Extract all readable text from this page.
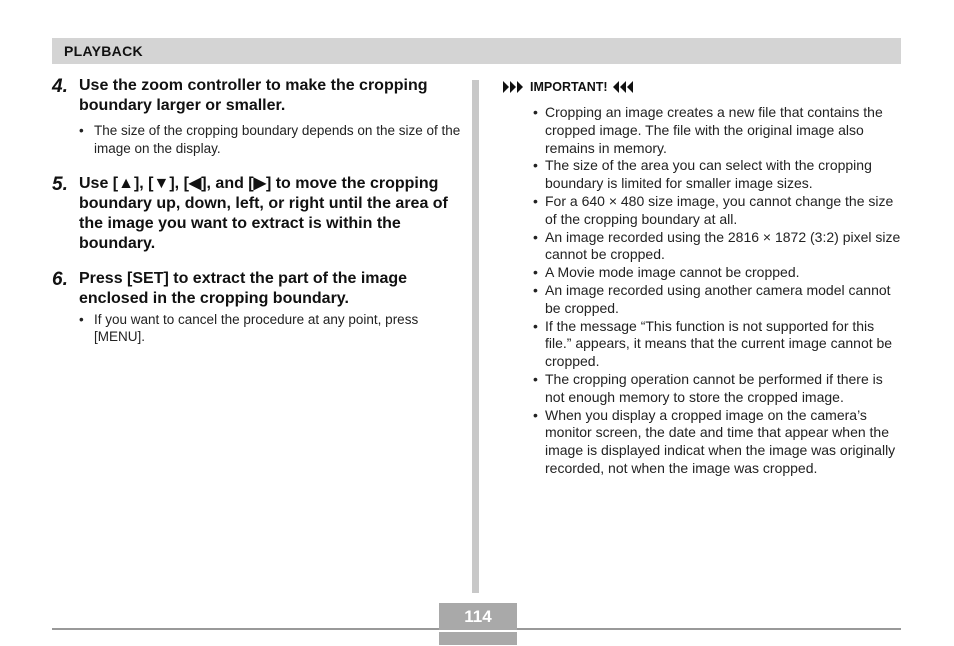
PLAYBACK
4. Use the zoom controller to make the cropping boundary larger or smaller.
• The size of the cropping boundary depends on the size of the image on the display.
5. Use [▲], [▼], [◀], and [▶] to move the cropping boundary up, down, left, or right until the area of the image you want to extract is within the boundary.
6. Press [SET] to extract the part of the image enclosed in the cropping boundary.
• If you want to cancel the procedure at any point, press [MENU].
IMPORTANT!
• Cropping an image creates a new file that contains the cropped image. The file with the original image also remains in memory.
• The size of the area you can select with the cropping boundary is limited for smaller image sizes.
• For a 640 × 480 size image, you cannot change the size of the cropping boundary at all.
• An image recorded using the 2816 × 1872 (3:2) pixel size cannot be cropped.
• A Movie mode image cannot be cropped.
• An image recorded using another camera model cannot be cropped.
• If the message “This function is not supported for this file.” appears, it means that the current image cannot be cropped.
• The cropping operation cannot be performed if there is not enough memory to store the cropped image.
• When you display a cropped image on the camera’s monitor screen, the date and time that appear when the image is displayed indicat when the image was originally recorded, not when the image was cropped.
114
